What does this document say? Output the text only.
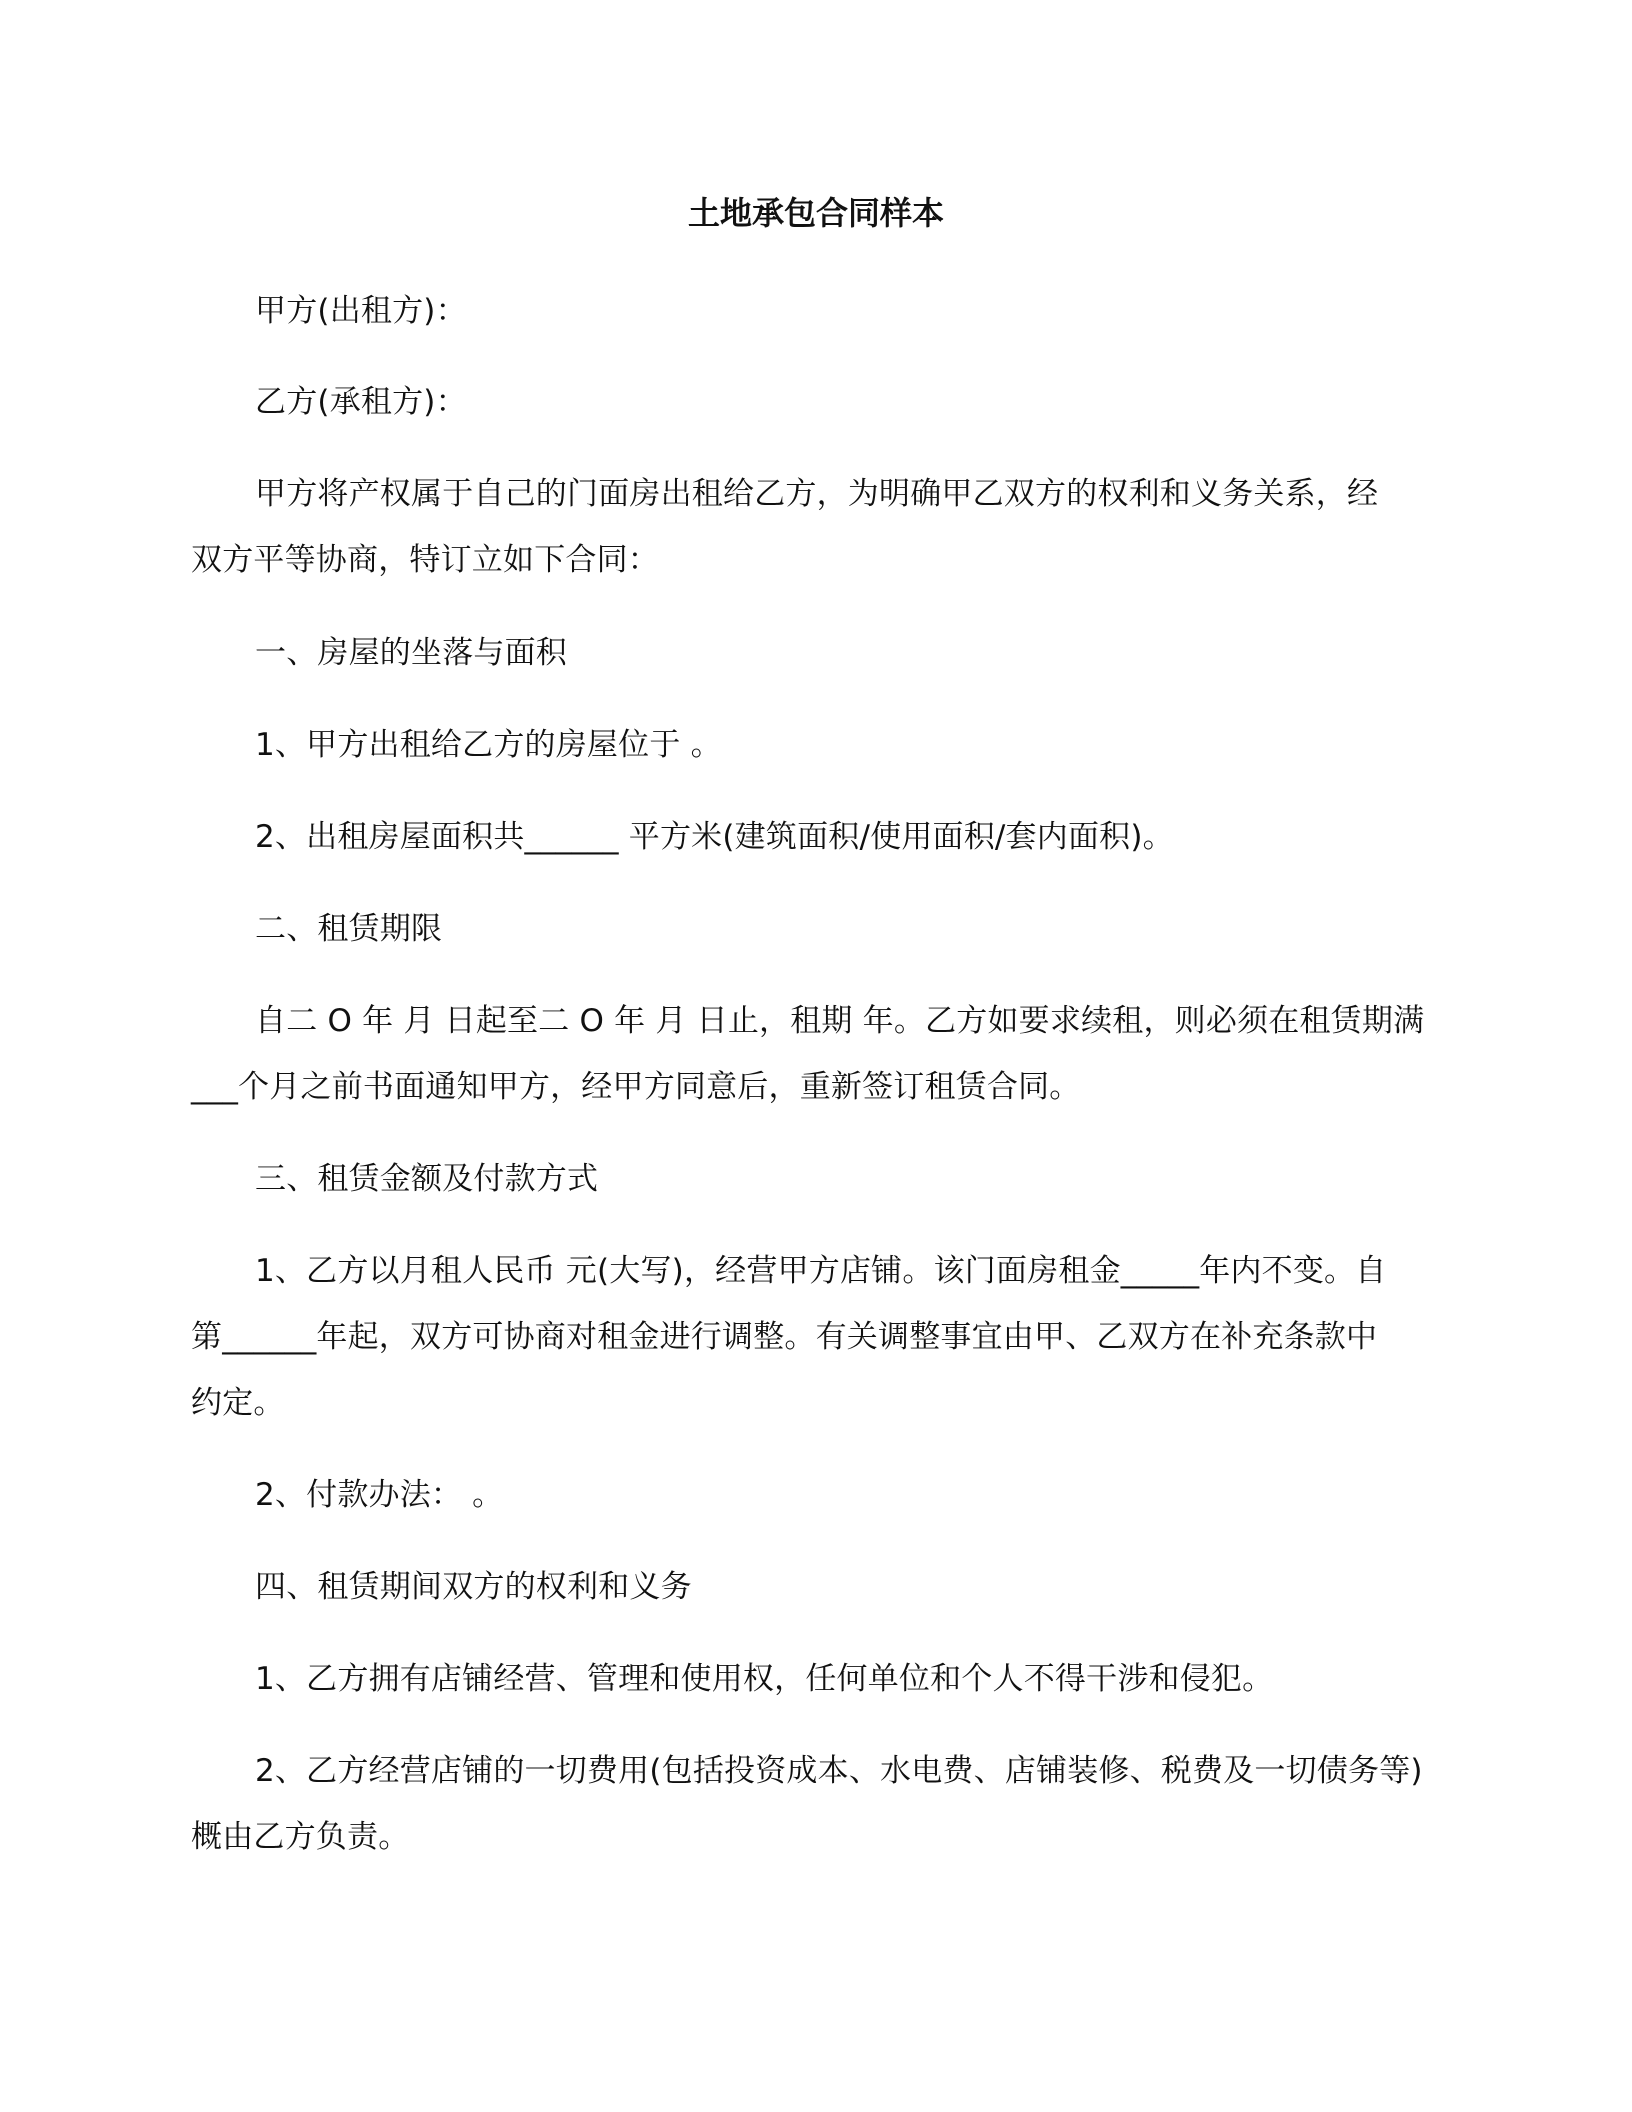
土地承包合同样本
甲方(出租方)：
乙方(承租方)：
甲方将产权属于自己的门面房出租给乙方，为明确甲乙双方的权利和义务关系，经
双方平等协商，特订立如下合同：
一、房屋的坐落与面积
1、甲方出租给乙方的房屋位于 。
2、出租房屋面积共______ 平方米(建筑面积/使用面积/套内面积)。
二、租赁期限
自二 O 年 月 日起至二 O 年 月 日止，租期 年。乙方如要求续租，则必须在租赁期满
___个月之前书面通知甲方，经甲方同意后，重新签订租赁合同。
三、租赁金额及付款方式
1、乙方以月租人民币 元(大写)，经营甲方店铺。该门面房租金_____年内不变。自
第______年起，双方可协商对租金进行调整。有关调整事宜由甲、乙双方在补充条款中
约定。
2、付款办法： 。
四、租赁期间双方的权利和义务
1、乙方拥有店铺经营、管理和使用权，任何单位和个人不得干涉和侵犯。
2、乙方经营店铺的一切费用(包括投资成本、水电费、店铺装修、税费及一切债务等)
概由乙方负责。
